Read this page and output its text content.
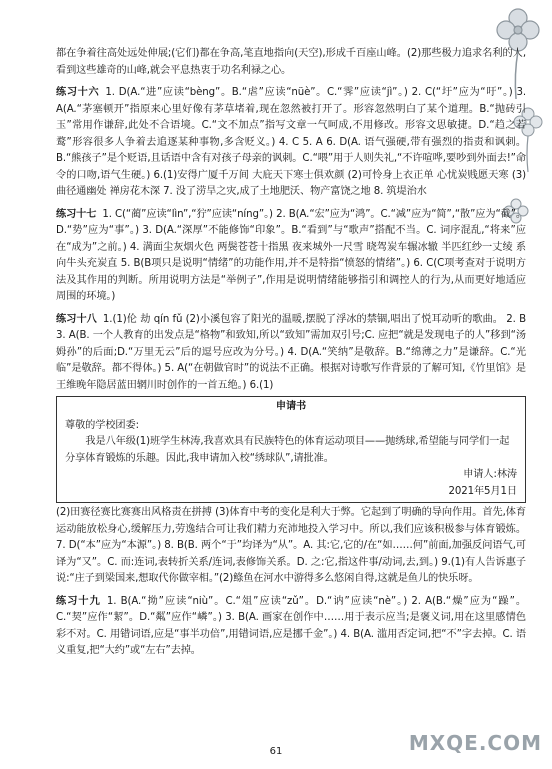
都在争着往高处远处伸展;(它们)都在争高,笔直地指向(天空),形成千百座山峰。(2)那些极力追求名利的人,看到这些雄奇的山峰,就会平息热衷于功名利禄之心。

练习十六 1. D(A.“进”应读“bèng”。B.“虐”应读“nüè”。C.“霁”应读“jì”。) 2. C(“圩”应为“吁”。) 3. A(A.“茅塞顿开”指原来心里好像有茅草堵着,现在忽然被打开了。形容忽然明白了某个道理。B.“抛砖引玉”常用作谦辞,此处不合语境。C.“文不加点”指写文章一气呵成,不用修改。形容文思敏捷。D.“趋之若鹜”形容很多人争着去追逐某种事物,多含贬义。) 4. C 5. A 6. D(A. 语气强硬,带有强烈的指责和讽刺。B.“熊孩子”是个贬语,且话语中含有对孩子母亲的讽刺。C.“喂”用于人则失礼,“不许喧哗,要吵到外面去!”命令的口吻,语气生硬。) 6.(1)安得广厦千万间 大庇天下寒士俱欢颜 (2)可怜身上衣正单 心忧炭贱愿天寒 (3)曲径通幽处 禅房花木深 7. 没了涝旱之灾,成了土地肥沃、物产富饶之地 8. 筑堤治水

练习十七 1. C(“蔺”应读“lìn”,“狞”应读“níng”。) 2. B(A.“宏”应为“鸿”。C.“减”应为“简”,“散”应为“截”。D.“势”应为“事”。) 3. D(A.“深厚”不能修饰“印象”。B.“看到”与“歌声”搭配不当。C. 词序混乱,“将来”应在“成为”之前。) 4. 满面尘灰烟火色 两鬓苍苍十指黑 夜来城外一尺雪 晓驾炭车辗冰辙 半匹红纱一丈绫 系向牛头充炭直 5. B(B项只是说明“情绪”的功能作用,并不是特指“愤怒的情绪”。) 6. C(C项考查对于说明方法及其作用的判断。所用说明方法是“举例子”,作用是说明情绪能够指引和调控人的行为,从而更好地适应周围的环境。)

练习十八 1.(1)伦 劫 qín fǔ (2)小溪包容了阳光的温暖,摆脱了浮冰的禁锢,唱出了悦耳动听的歌曲。 2. B 3. A(B. 一个人教育的出发点是“格物”和致知,所以“致知”需加双引号;C. 应把“就是发现电子的人”移到“汤姆孙”的后面;D.“万里无云”后的逗号应改为分号。) 4. D(A.“笑纳”是敬辞。B.“绵薄之力”是谦辞。C.“光临”是敬辞。都不得体。) 5. A(“在朝做官时”的说法不正确。根据对诗歌写作背景的了解可知,《竹里馆》是王维晚年隐居蓝田辋川时创作的一首五绝。) 6.(1)

申请书
尊敬的学校团委:
我是八年级(1)班学生林涛,我喜欢具有民族特色的体育运动项目——抛绣球,希望能与同学们一起分享体育锻炼的乐趣。因此,我申请加入校“绣球队”,请批准。
申请人:林涛
2021年5月1日

(2)田赛径赛比赛赛出风格责在拼搏 (3)体育中考的变化是利大于弊。它起到了明确的导向作用。首先,体育运动能放松身心,缓解压力,劳逸结合可让我们精力充沛地投入学习中。所以,我们应该积极参与体育锻炼。 7. D(“本”应为“本源”。) 8. B(B. 两个“于”均译为“从”。A. 其:它,它的/在“如……何”前面,加强反问语气,可译为“又”。C. 而:连词,表转折关系/连词,表修饰关系。D. 之:它,指这件事/动词,去,到。) 9.(1)有人告诉惠子说:“庄子到梁国来,想取代你做宰相。”(2)鲦鱼在河水中游得多么悠闲自得,这就是鱼儿的快乐呀。

练习十九 1. B(A.“拗”应读“niù”。C.“俎”应读“zǔ”。D.“讷”应读“nè”。) 2. A(B.“燥”应为“躁”。C.“契”应作“絜”。D.“粼”应作“嶙”。) 3. B(A. 画家在创作中……用于表示应当;是褒义词,用在这里感情色彩不对。C. 用错词语,应是“事半功倍”,用错词语,应是挪千金”。) 4. B(A. 滥用否定词,把“不”字去掉。C. 语义重复,把“大约”或“左右”去掉。

MXQE.COM
61
